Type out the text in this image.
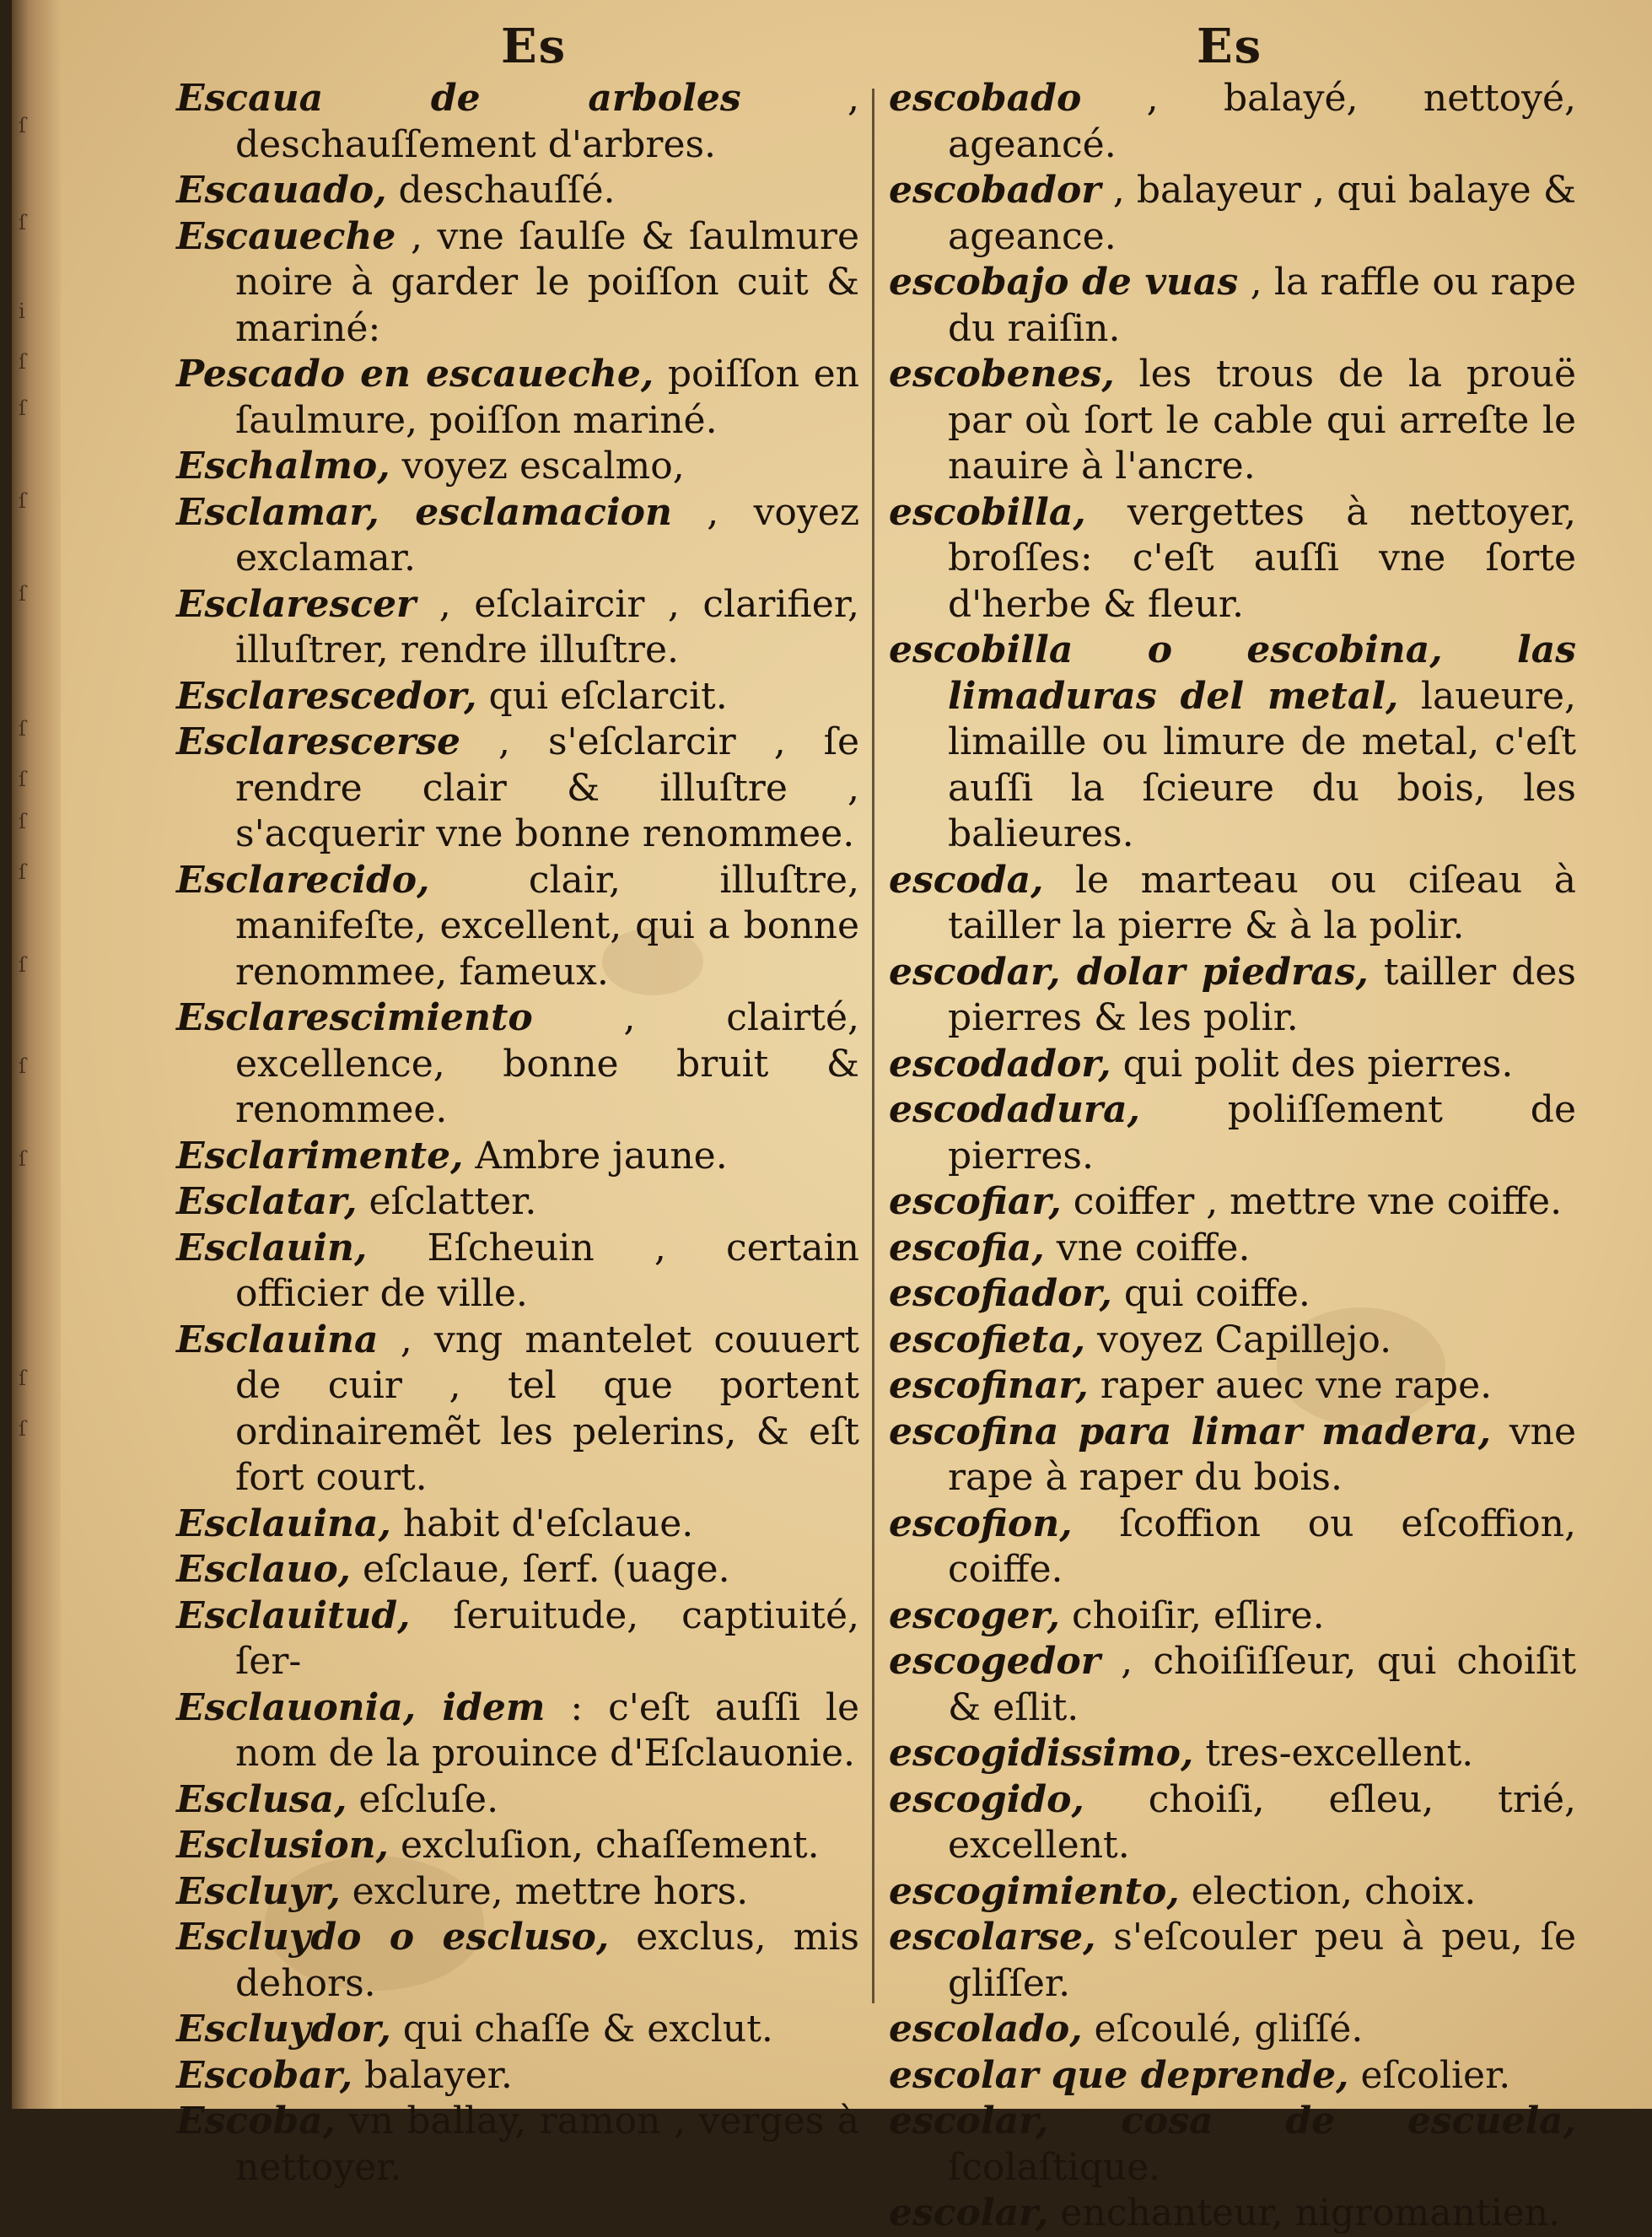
ſ
ſ
i
ſ
ſ
ſ
ſ
ſ
ſ
ſ
ſ
ſ
ſ
ſ
ſ
ſ
Es	Es
Escaua de arboles , deschauſſement d'arbres.
Escauado, deschauſſé.
Escaueche , vne ſaulſe & ſaulmure noire à garder le poiſſon cuit & mariné:
Pescado en escaueche, poiſſon en ſaulmure, poiſſon mariné.
Eschalmo, voyez escalmo,
Esclamar, esclamacion , voyez exclamar.
Esclarescer , eſclaircir , clarifier, illuſtrer, rendre illuſtre.
Esclarescedor, qui eſclarcit.
Esclarescerse , s'eſclarcir , ſe rendre clair & illuſtre , s'acquerir vne bonne renommee.
Esclarecido, clair, illuſtre, manifeſte, excellent, qui a bonne renommee, fameux.
Esclarescimiento , clairté, excellence, bonne bruit & renommee.
Esclarimente, Ambre jaune.
Esclatar, eſclatter.
Esclauin, Eſcheuin , certain officier de ville.
Esclauina , vng mantelet couuert de cuir , tel que portent ordinairemẽt les pelerins, & eſt fort court.
Esclauina, habit d'eſclaue.
Esclauo, eſclaue, ſerf. (uage.
Esclauitud, ſeruitude, captiuité, ſer-
Esclauonia, idem : c'eſt auſſi le nom de la prouince d'Eſclauonie.
Esclusa, eſcluſe.
Esclusion, excluſion, chaſſement.
Escluyr, exclure, mettre hors.
Escluydo o escluso, exclus, mis dehors.
Escluydor, qui chaſſe & exclut.
Escobar, balayer.
Escoba, vn ballay, ramon , verges à nettoyer.
escobado , balayé, nettoyé, ageancé.
escobador , balayeur , qui balaye & ageance.
escobajo de vuas , la raffle ou rape du raiſin.
escobenes, les trous de la prouë par où ſort le cable qui arreſte le nauire à l'ancre.
escobilla, vergettes à nettoyer, broſſes: c'eſt auſſi vne ſorte d'herbe & fleur.
escobilla o escobina, las limaduras del metal, laueure, limaille ou limure de metal, c'eſt auſſi la ſcieure du bois, les balieures.
escoda, le marteau ou ciſeau à tailler la pierre & à la polir.
escodar, dolar piedras, tailler des pierres & les polir.
escodador, qui polit des pierres.
escodadura, poliſſement de pierres.
escofiar, coiffer , mettre vne coiffe.
escofia, vne coiffe.
escofiador, qui coiffe.
escofieta, voyez Capillejo.
escofinar, raper auec vne rape.
escofina para limar madera, vne rape à raper du bois.
escofion, ſcoffion ou eſcoffion, coiffe.
escoger, choiſir, eſlire.
escogedor , choiſiſſeur, qui choiſit & eſlit.
escogidissimo, tres-excellent.
escogido, choiſi, eſleu, trié, excellent.
escogimiento, election, choix.
escolarse, s'eſcouler peu à peu, ſe gliſſer.
escolado, eſcoulé, gliſſé.
escolar que deprende, eſcolier.
escolar, cosa de escuela, ſcolaſtique.
escolar, enchanteur, nigromantien.
